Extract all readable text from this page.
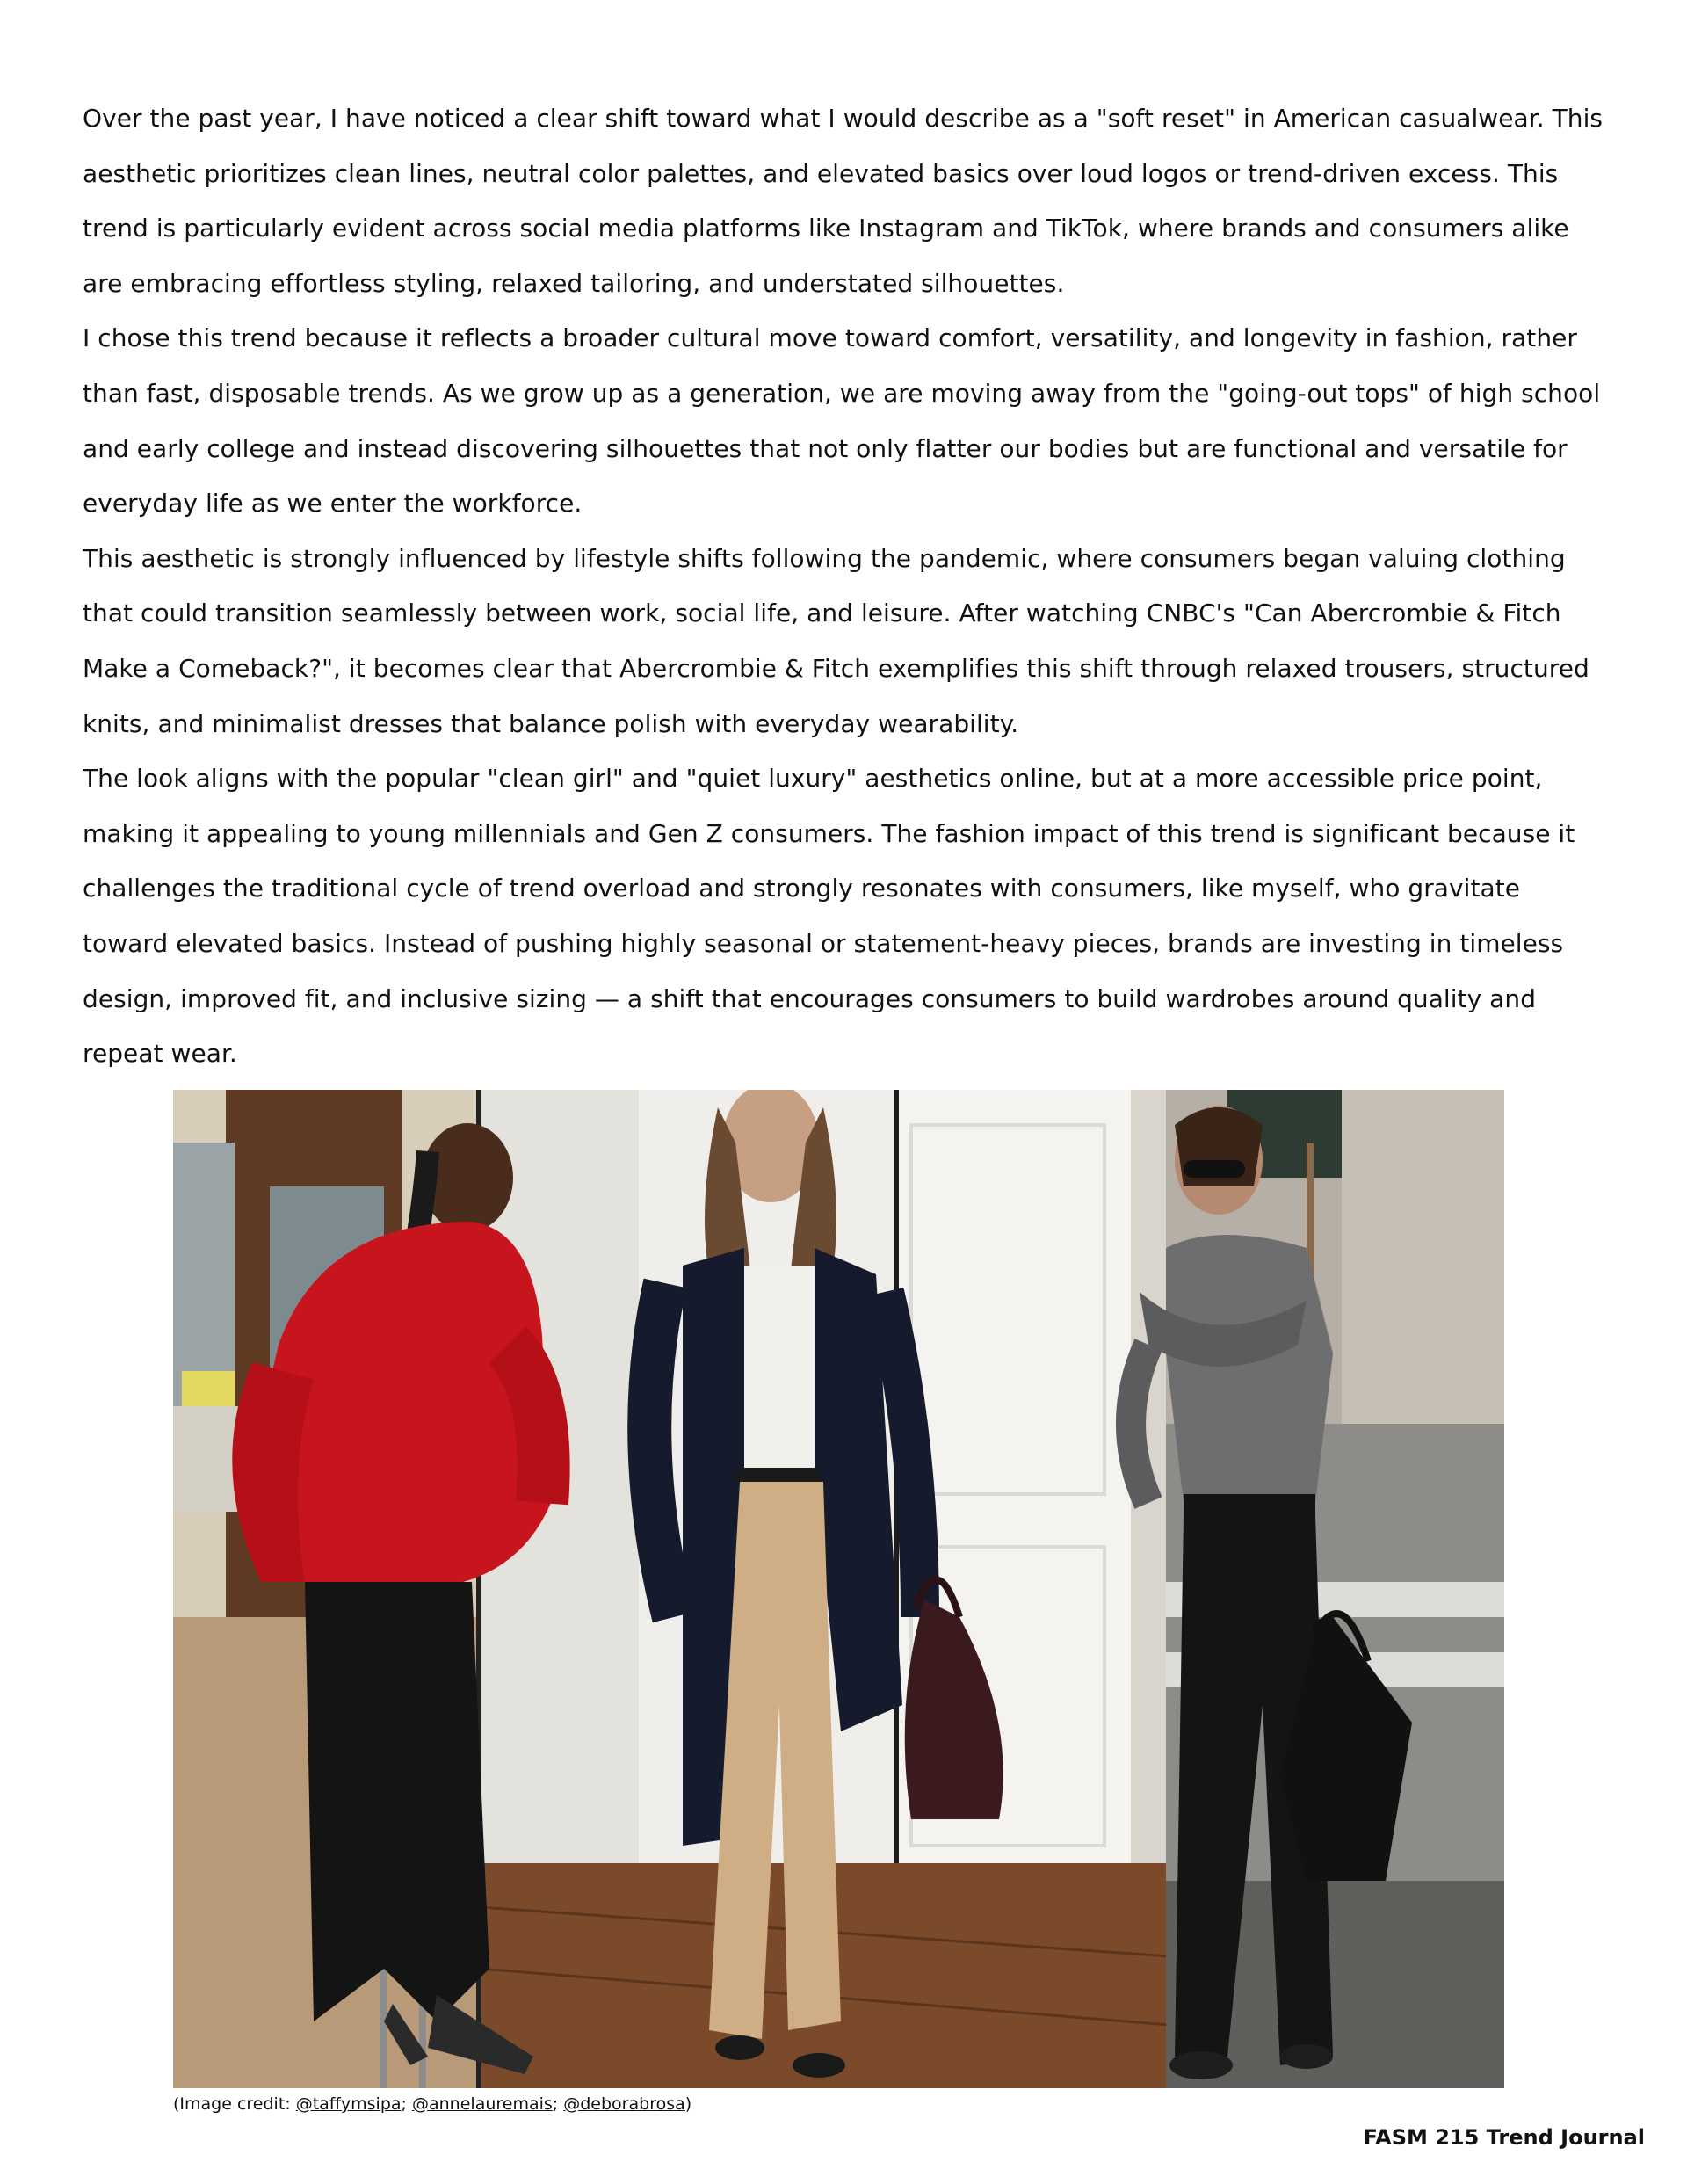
Over the past year, I have noticed a clear shift toward what I would describe as a "soft reset" in American casualwear. This aesthetic prioritizes clean lines, neutral color palettes, and elevated basics over loud logos or trend-driven excess. This trend is particularly evident across social media platforms like Instagram and TikTok, where brands and consumers alike are embracing effortless styling, relaxed tailoring, and understated silhouettes.

I chose this trend because it reflects a broader cultural move toward comfort, versatility, and longevity in fashion, rather than fast, disposable trends. As we grow up as a generation, we are moving away from the "going-out tops" of high school and early college and instead discovering silhouettes that not only flatter our bodies but are functional and versatile for everyday life as we enter the workforce.

This aesthetic is strongly influenced by lifestyle shifts following the pandemic, where consumers began valuing clothing that could transition seamlessly between work, social life, and leisure. After watching CNBC's "Can Abercrombie & Fitch Make a Comeback?", it becomes clear that Abercrombie & Fitch exemplifies this shift through relaxed trousers, structured knits, and minimalist dresses that balance polish with everyday wearability.

The look aligns with the popular "clean girl" and "quiet luxury" aesthetics online, but at a more accessible price point, making it appealing to young millennials and Gen Z consumers. The fashion impact of this trend is significant because it challenges the traditional cycle of trend overload and strongly resonates with consumers, like myself, who gravitate toward elevated basics. Instead of pushing highly seasonal or statement-heavy pieces, brands are investing in timeless design, improved fit, and inclusive sizing — a shift that encourages consumers to build wardrobes around quality and repeat wear.

(Image credit: @taffymsipa; @annelauremais; @deborabrosa)
FASM 215 Trend Journal
